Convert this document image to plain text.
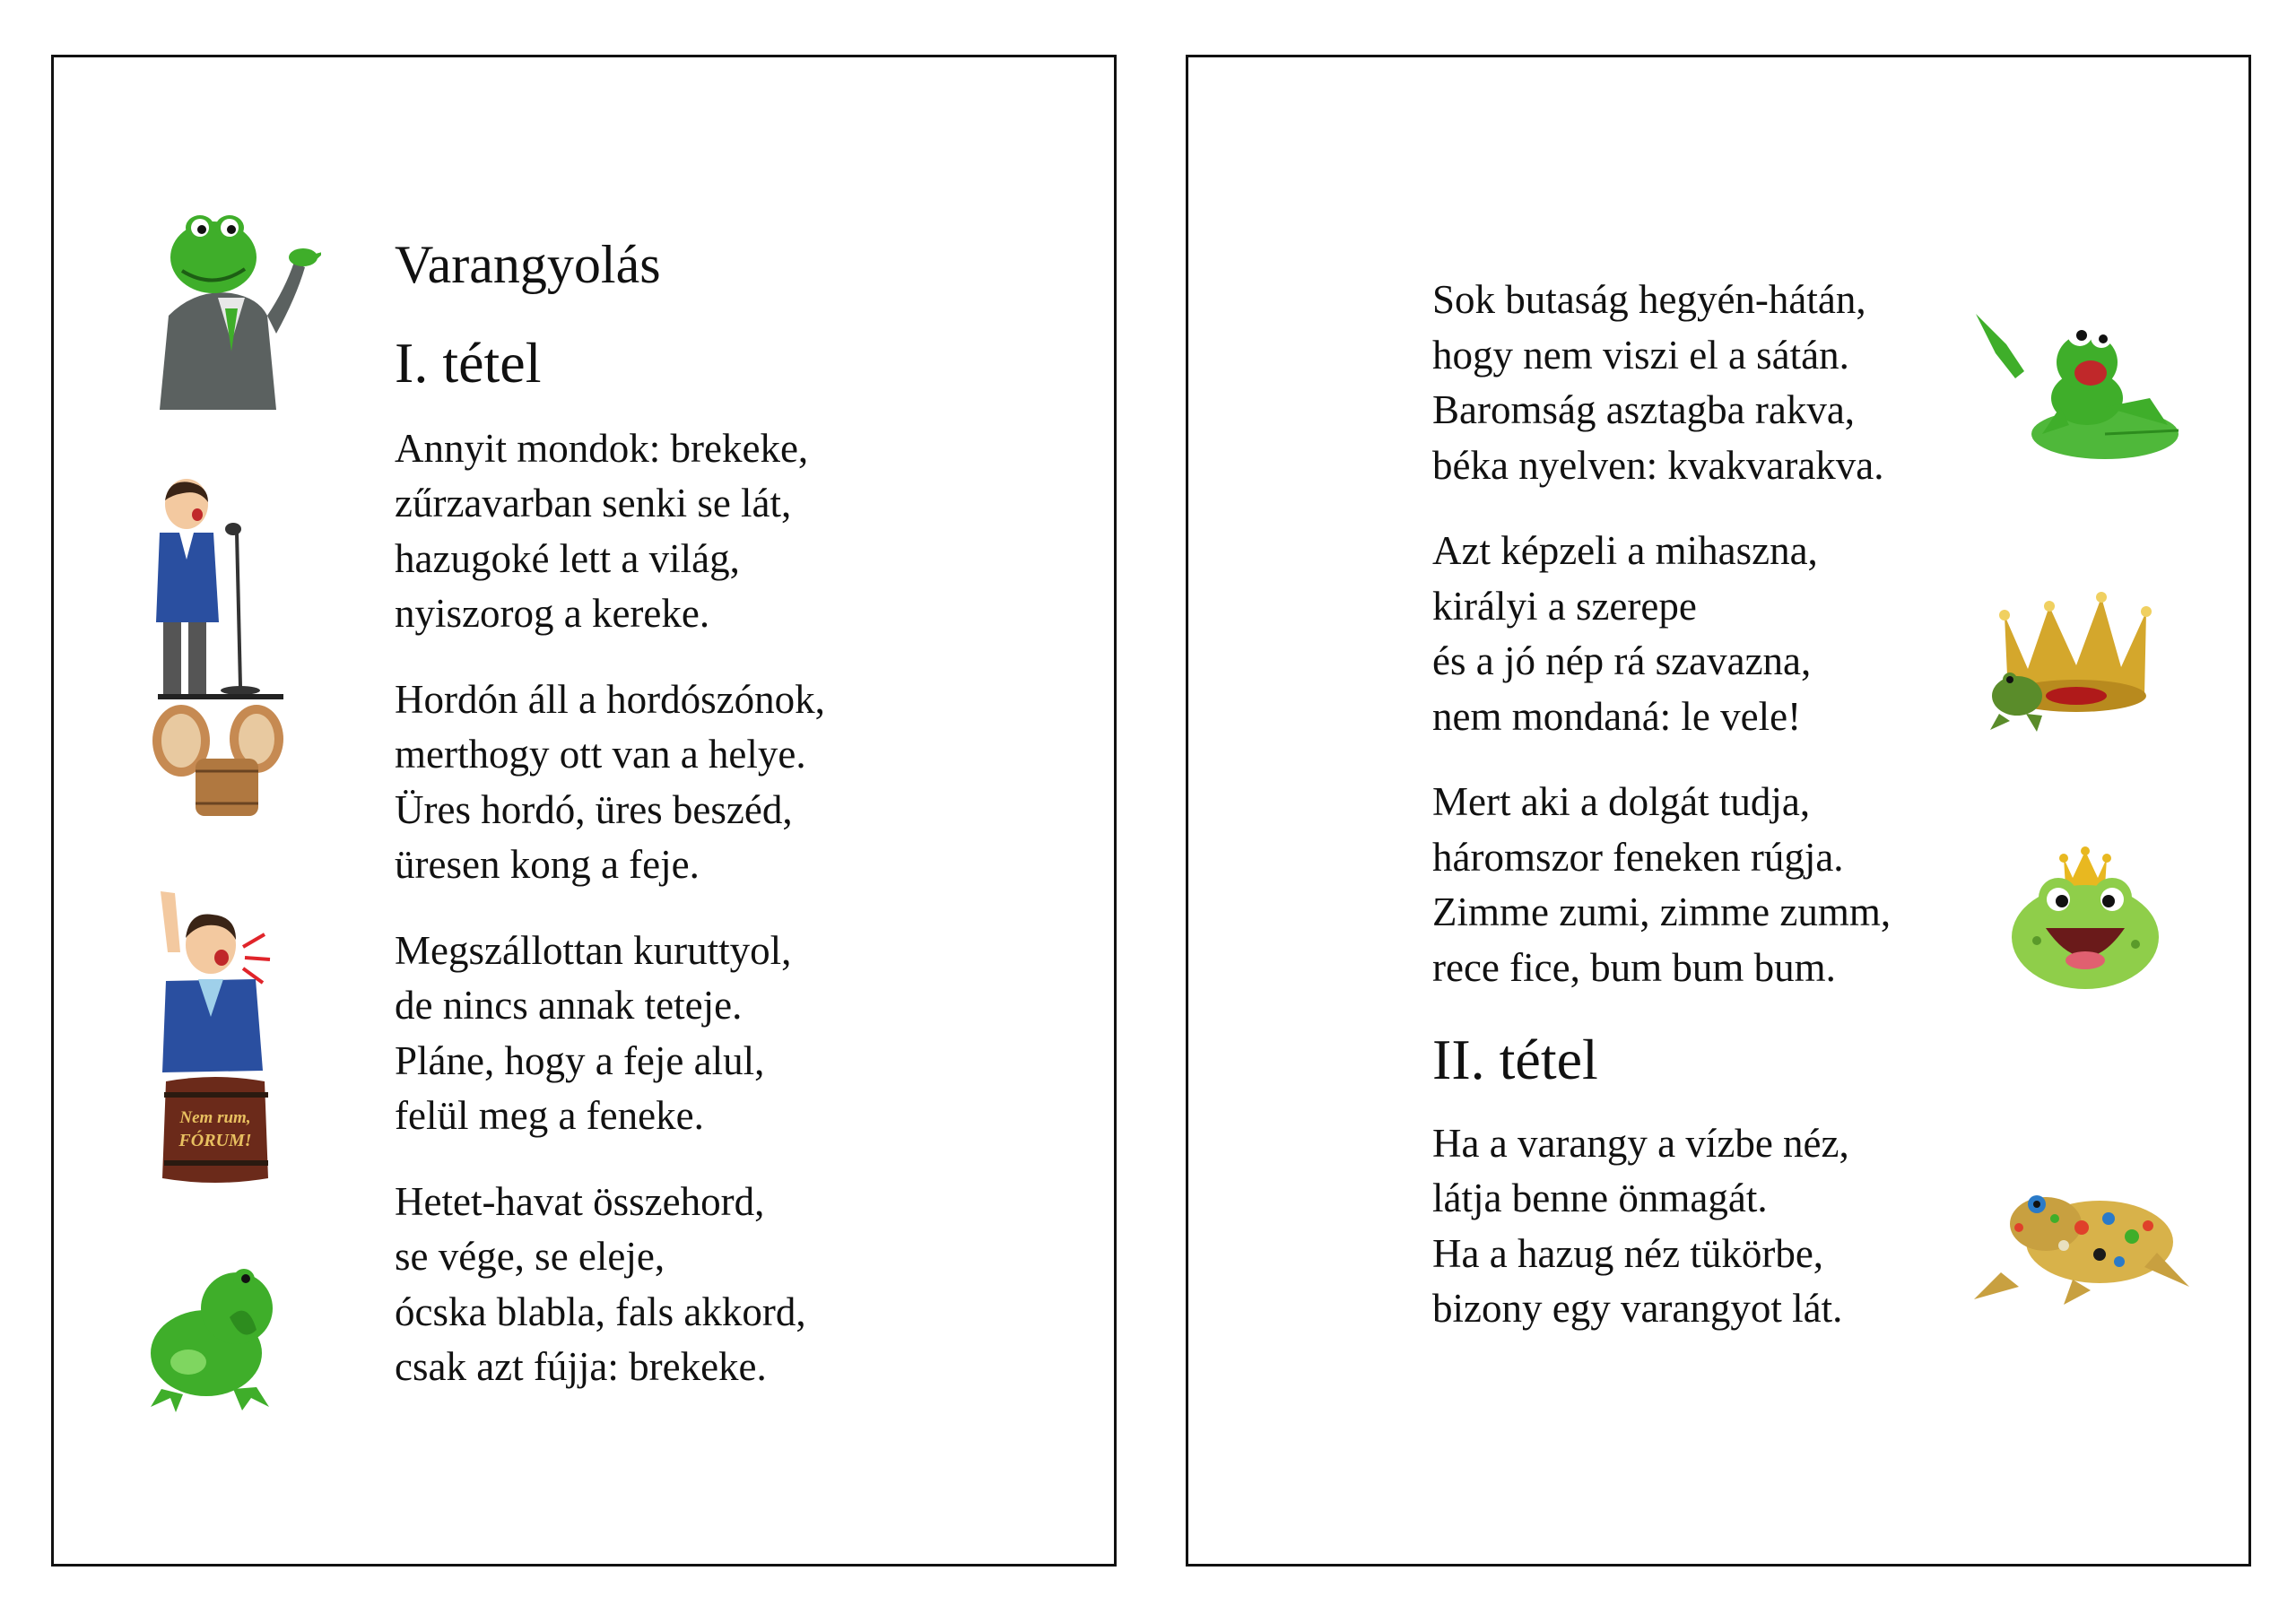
Nem rum,
FÓRUM!
Varangyolás
I. tétel
Annyit mondok: brekeke,
zűrzavarban senki se lát,
hazugoké lett a világ,
nyiszorog a kereke.
Hordón áll a hordószónok,
merthogy ott van a helye.
Üres hordó, üres beszéd,
üresen kong a feje.
Megszállottan kuruttyol,
de nincs annak teteje.
Pláne, hogy a feje alul,
felül meg a feneke.
Hetet-havat összehord,
se vége, se eleje,
ócska blabla, fals akkord,
csak azt fújja: brekeke.
Sok butaság hegyén-hátán,
hogy nem viszi el a sátán.
Baromság asztagba rakva,
béka nyelven: kvakvarakva.
Azt képzeli a mihaszna,
királyi a szerepe
és a jó nép rá szavazna,
nem mondaná: le vele!
Mert aki a dolgát tudja,
háromszor feneken rúgja.
Zimme zumi, zimme zumm,
rece fice, bum bum bum.
II. tétel
Ha a varangy a vízbe néz,
látja benne önmagát.
Ha a hazug néz tükörbe,
bizony egy varangyot lát.
